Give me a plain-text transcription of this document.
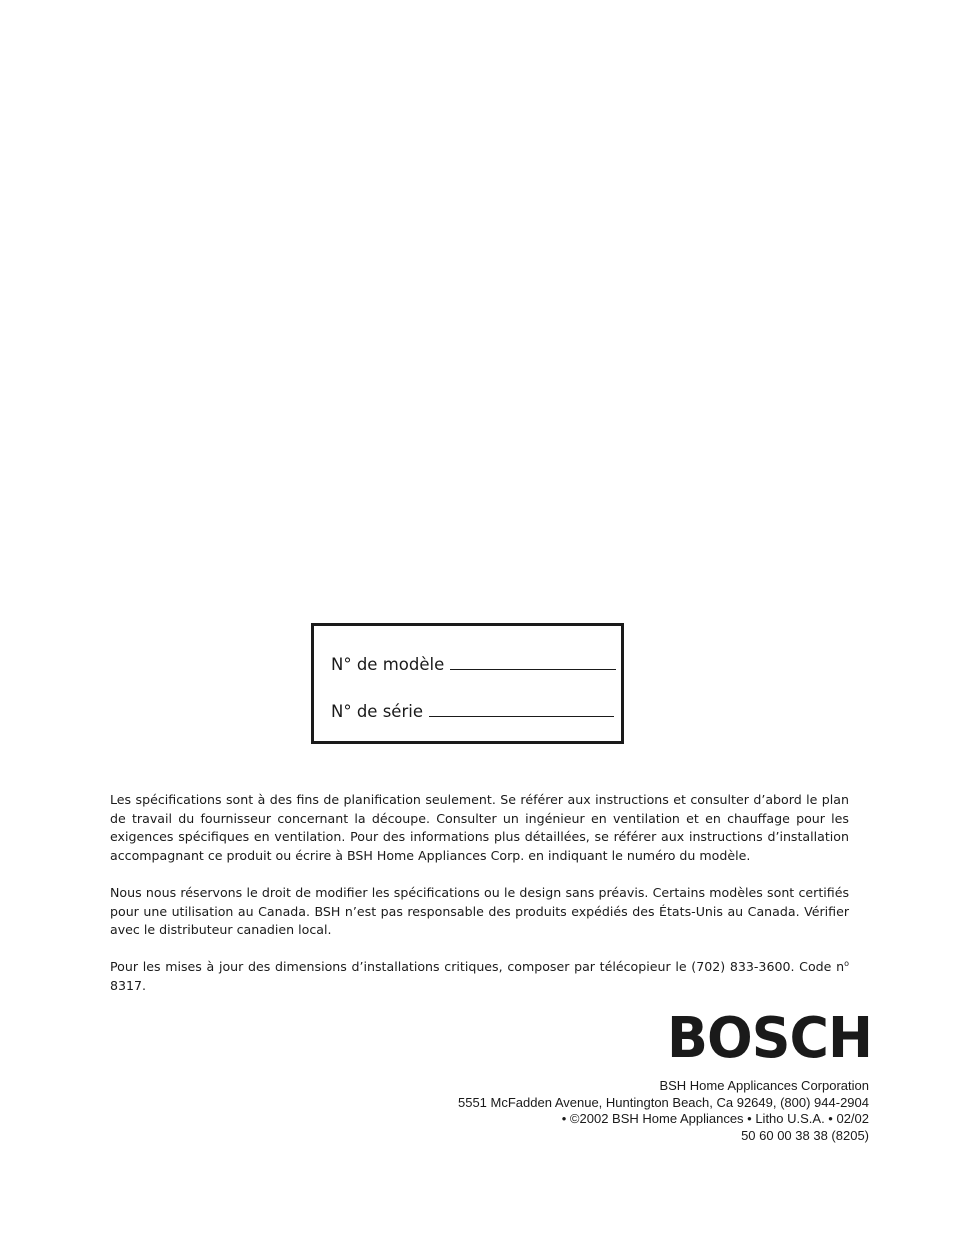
N° de modèle
N° de série

Les spécifications sont à des fins de planification seulement. Se référer aux instructions et consulter d’abord le plan de travail du fournisseur concernant la découpe. Consulter un ingénieur en ventilation et en chauffage pour les exigences spécifiques en ventilation. Pour des informations plus détaillées, se référer aux instructions d’installation accompagnant ce produit ou écrire à BSH Home Appliances Corp. en indiquant le numéro du modèle.

Nous nous réservons le droit de modifier les spécifications ou le design sans préavis. Certains modèles sont certifiés pour une utilisation au Canada. BSH n’est pas responsable des produits expédiés des États-Unis au Canada. Vérifier avec le distributeur canadien local.

Pour les mises à jour des dimensions d’installations critiques, composer par télécopieur le (702) 833-3600. Code $n^o$ 8317.

BOSCH
BSH Home Applicances Corporation
5551 McFadden Avenue, Huntington Beach, Ca 92649, (800) 944-2904
• ©2002 BSH Home Appliances • Litho U.S.A. • 02/02
50 60 00 38 38 (8205)
